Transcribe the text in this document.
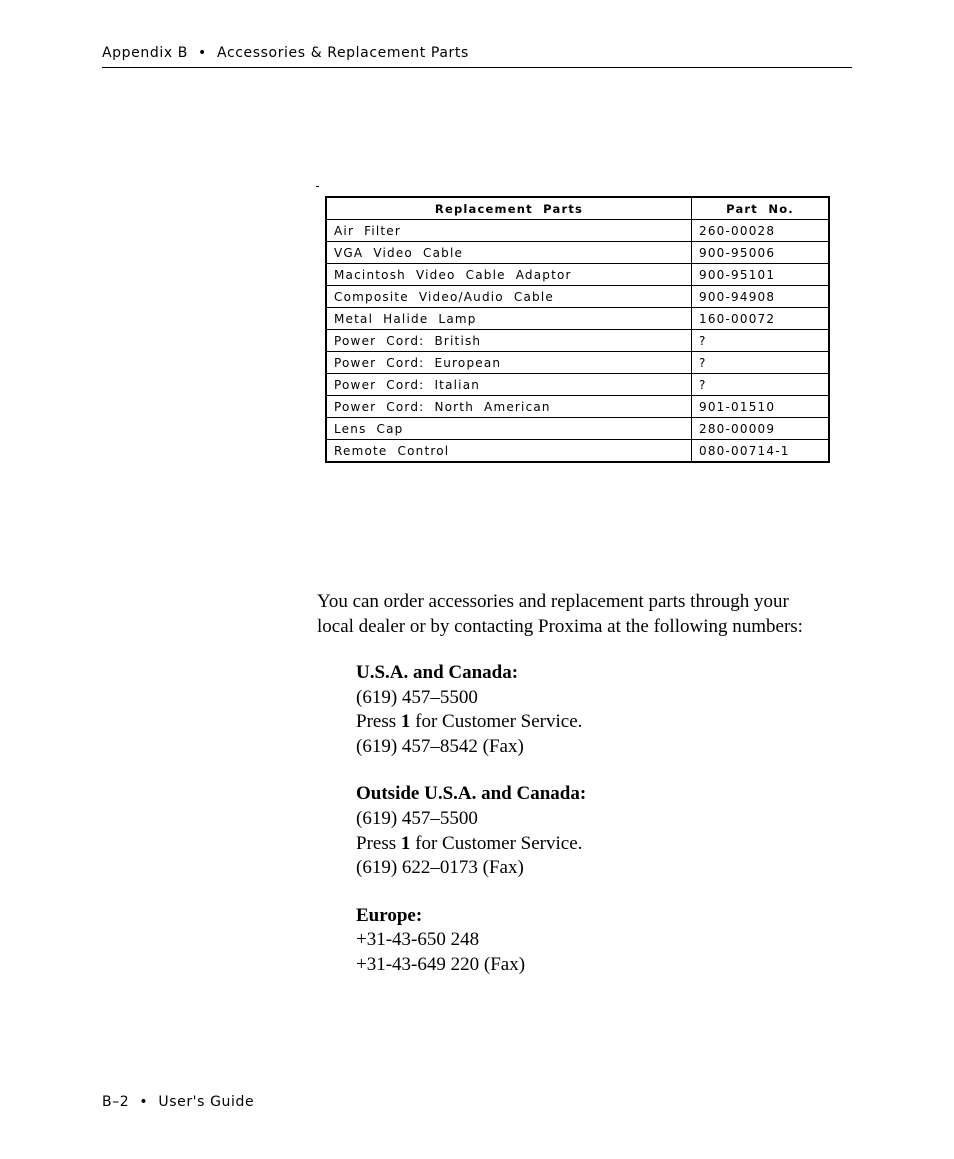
Appendix B  •  Accessories & Replacement Parts
Replacement  Parts	Part  No.
Air  Filter	260-00028
VGA  Video  Cable	900-95006
Macintosh  Video  Cable  Adaptor	900-95101
Composite  Video/Audio  Cable	900-94908
Metal  Halide  Lamp	160-00072
Power  Cord:  British	?
Power  Cord:  European	?
Power  Cord:  Italian	?
Power  Cord:  North  American	901-01510
Lens  Cap	280-00009
Remote  Control	080-00714-1
You can order accessories and replacement parts through your
local dealer or by contacting Proxima at the following numbers:
U.S.A. and Canada:
(619) 457–5500
Press 1 for Customer Service.
(619) 457–8542 (Fax)
Outside U.S.A. and Canada:
(619) 457–5500
Press 1 for Customer Service.
(619) 622–0173 (Fax)
Europe:
+31-43-650 248
+31-43-649 220 (Fax)
B–2  •  User's Guide
